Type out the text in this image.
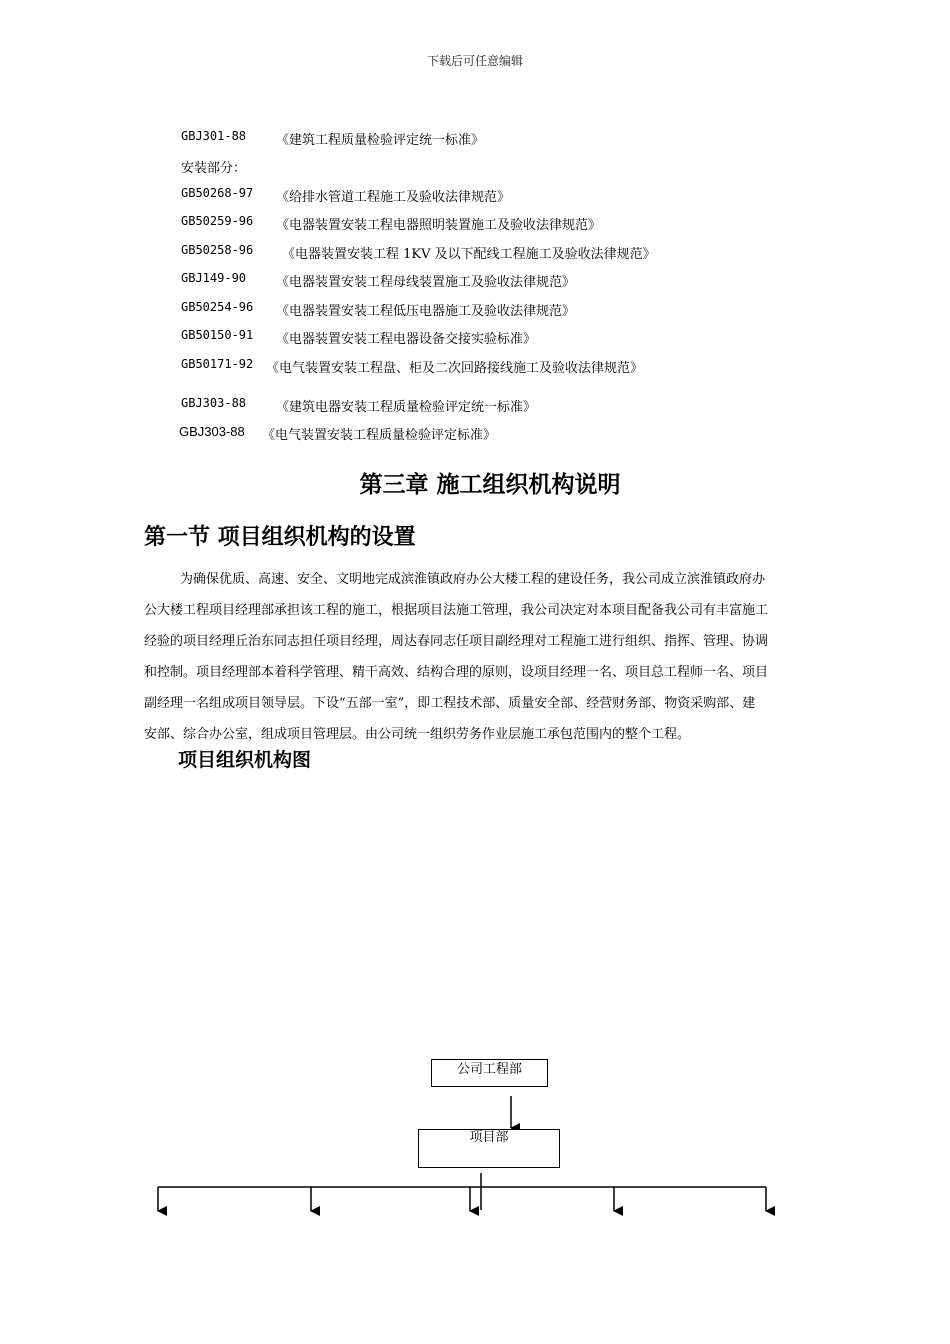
下载后可任意编辑
GBJ301-88 《建筑工程质量检验评定统一标准》
安装部分：
GB50268-97 《给排水管道工程施工及验收法律规范》
GB50259-96 《电器装置安装工程电器照明装置施工及验收法律规范》
GB50258-96 《电器装置安装工程 1KV 及以下配线工程施工及验收法律规范》
GBJ149-90 《电器装置安装工程母线装置施工及验收法律规范》
GB50254-96 《电器装置安装工程低压电器施工及验收法律规范》
GB50150-91 《电器装置安装工程电器设备交接实验标准》
GB50171-92 《电气装置安装工程盘、柜及二次回路接线施工及验收法律规范》
GBJ303-88 《建筑电器安装工程质量检验评定统一标准》
GBJ303-88 《电气装置安装工程质量检验评定标准》
第三章 施工组织机构说明
第一节 项目组织机构的设置
为确保优质、高速、安全、文明地完成滨淮镇政府办公大楼工程的建设任务，我公司成立滨淮镇政府办
公大楼工程项目经理部承担该工程的施工，根据项目法施工管理，我公司决定对本项目配备我公司有丰富施工
经验的项目经理丘治东同志担任项目经理，周达春同志任项目副经理对工程施工进行组织、指挥、管理、协调
和控制。项目经理部本着科学管理、精干高效、结构合理的原则，设项目经理一名、项目总工程师一名、项目
副经理一名组成项目领导层。下设“五部一室”，即工程技术部、质量安全部、经营财务部、物资采购部、建
安部、综合办公室，组成项目管理层。由公司统一组织劳务作业层施工承包范围内的整个工程。
项目组织机构图
公司工程部
项目部
